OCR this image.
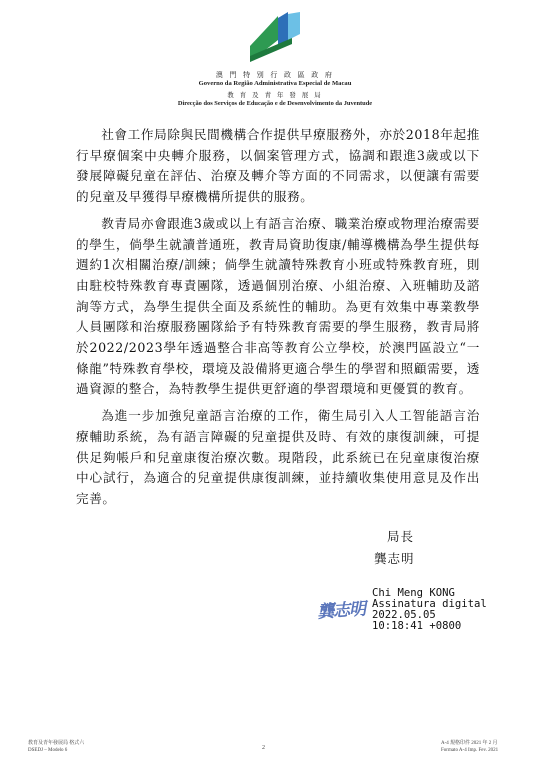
澳 門 特 別 行 政 區 政 府
Governo da Região Administrativa Especial de Macau
教 育 及 青 年 發 展 局
Direcção dos Serviços de Educação e de Desenvolvimento da Juventude

社會工作局除與民間機構合作提供早療服務外，亦於2018年起推行早療個案中央轉介服務，以個案管理方式，協調和跟進3歲或以下發展障礙兒童在評估、治療及轉介等方面的不同需求，以便讓有需要的兒童及早獲得早療機構所提供的服務。

教青局亦會跟進3歲或以上有語言治療、職業治療或物理治療需要的學生，倘學生就讀普通班，教青局資助復康/輔導機構為學生提供每週約1次相關治療/訓練；倘學生就讀特殊教育小班或特殊教育班，則由駐校特殊教育專責團隊，透過個別治療、小組治療、入班輔助及諮詢等方式，為學生提供全面及系統性的輔助。為更有效集中專業教學人員團隊和治療服務團隊給予有特殊教育需要的學生服務，教青局將於2022/2023學年透過整合非高等教育公立學校，於澳門區設立“一條龍”特殊教育學校，環境及設備將更適合學生的學習和照顧需要，透過資源的整合，為特教學生提供更舒適的學習環境和更優質的教育。

為進一步加強兒童語言治療的工作，衛生局引入人工智能語言治療輔助系統，為有語言障礙的兒童提供及時、有效的康復訓練，可提供足夠帳戶和兒童康復治療次數。現階段，此系統已在兒童康復治療中心試行，為適合的兒童提供康復訓練，並持續收集使用意見及作出完善。

局長
龔志明
龔志明
Chi Meng KONG
Assinatura digital
2022.05.05
10:18:41 +0800
教育及青年發展局 格式六
DSEDJ – Modelo 6	2
A-4 規格印件 2021 年 2 月
Formato A-4 Imp. Fev. 2021
